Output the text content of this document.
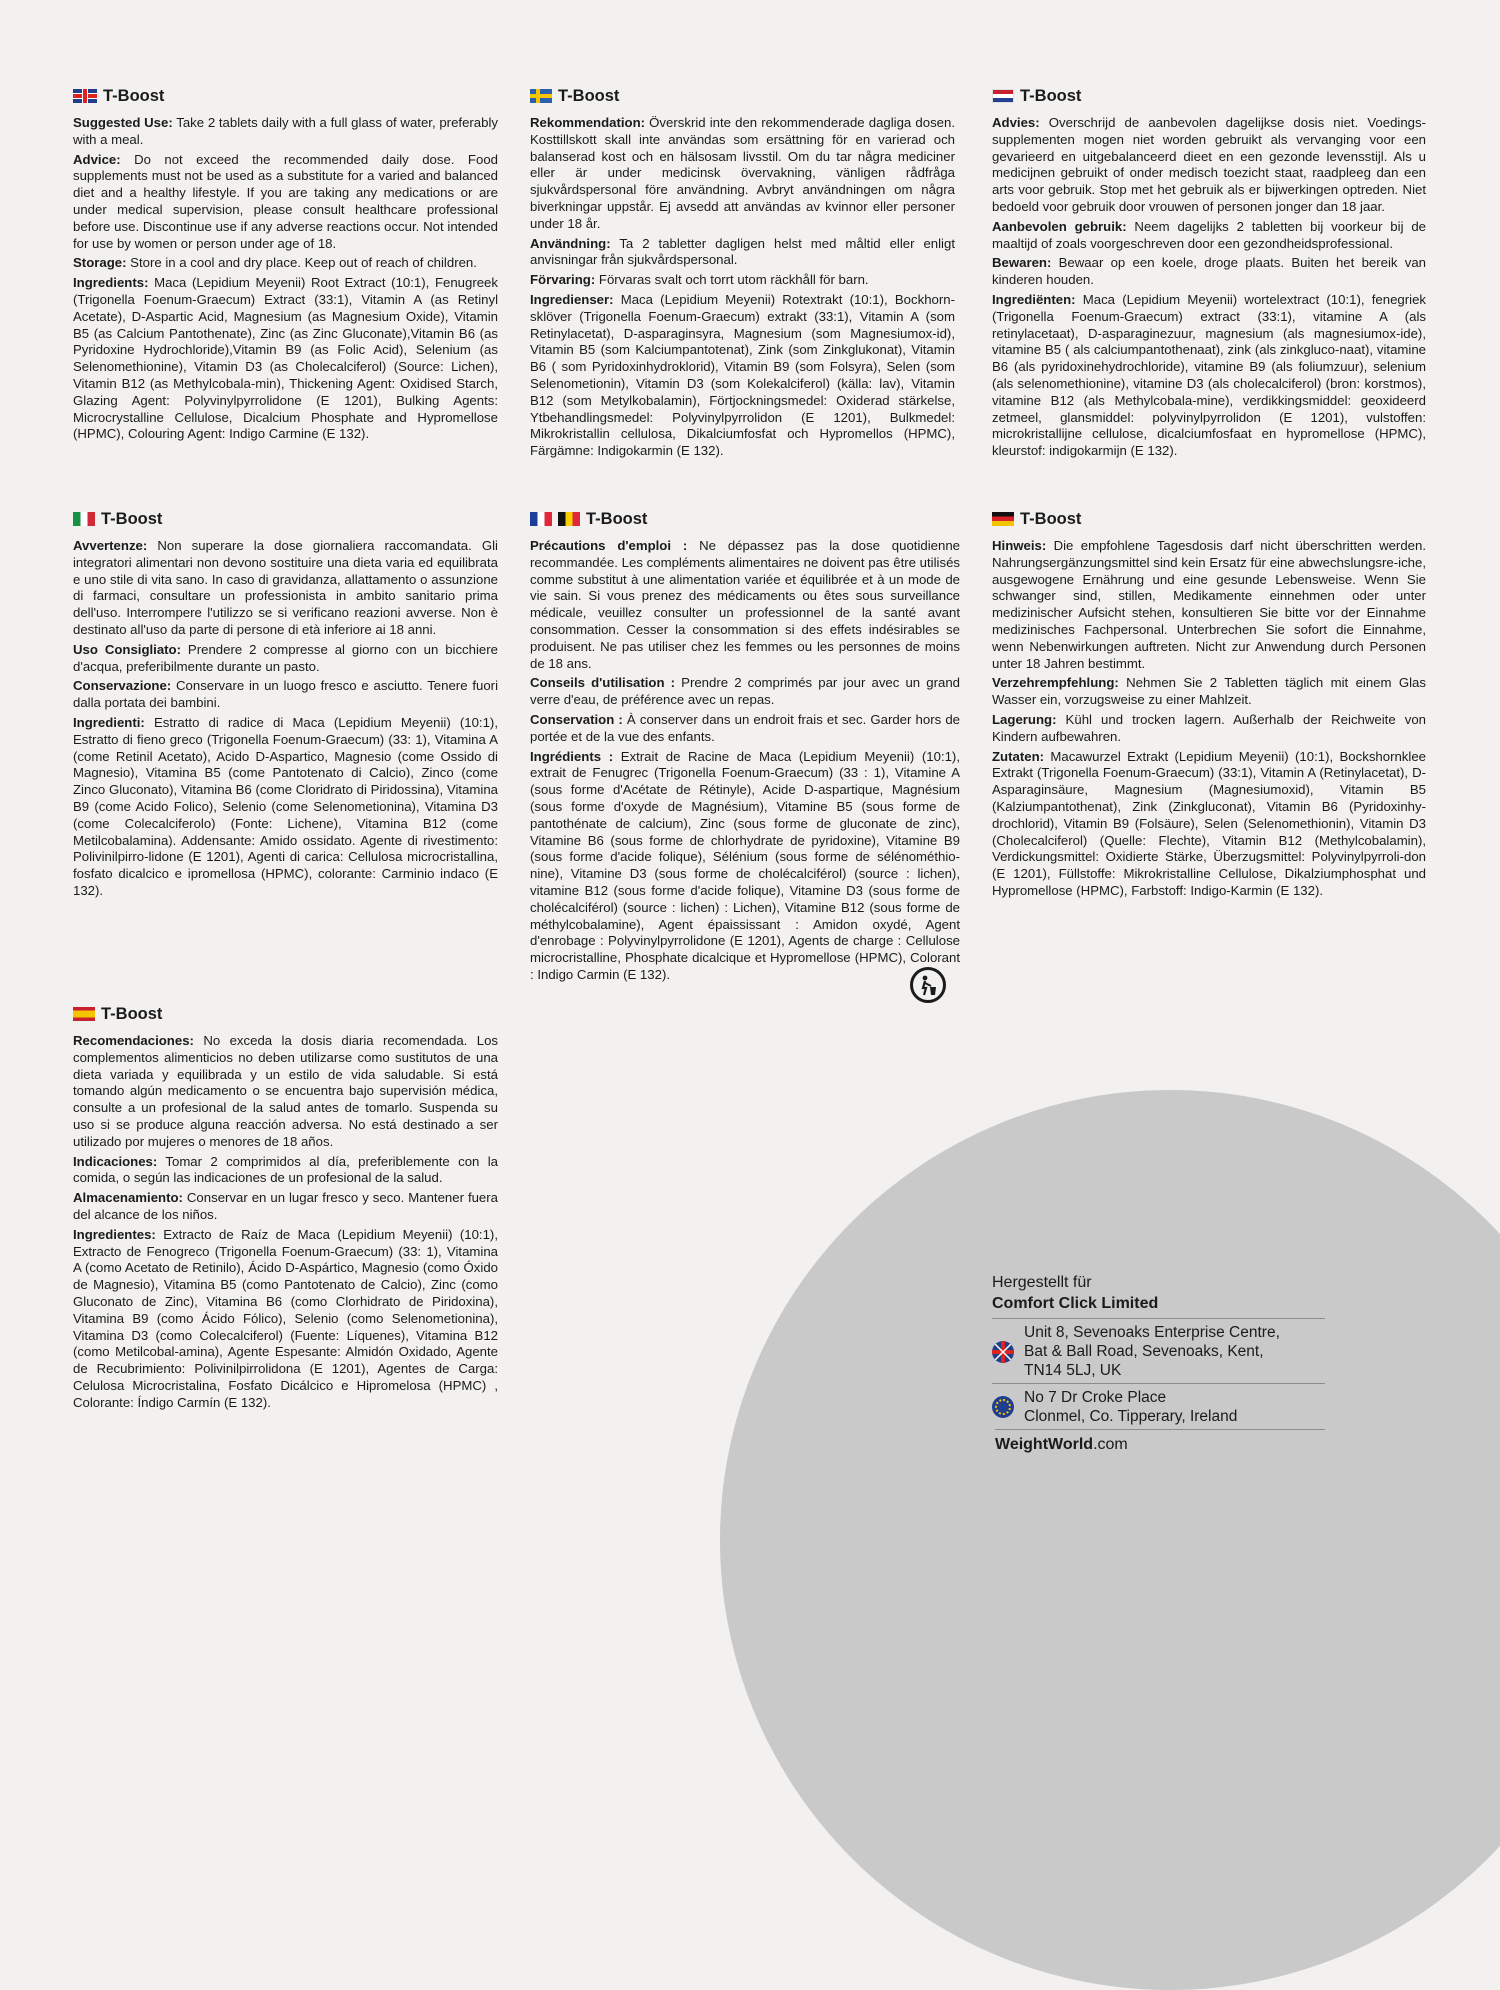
T-Boost

Suggested Use: Take 2 tablets daily with a full glass of water, preferably with a meal.

Advice: Do not exceed the recommended daily dose. Food supplements must not be used as a substitute for a varied and balanced diet and a healthy lifestyle. If you are taking any medications or are under medical supervision, please consult healthcare professional before use. Discontinue use if any adverse reactions occur. Not intended for use by women or person under age of 18.

Storage: Store in a cool and dry place. Keep out of reach of children.

Ingredients: Maca (Lepidium Meyenii) Root Extract (10:1), Fenugreek (Trigonella Foenum-Graecum) Extract (33:1), Vitamin A (as Retinyl Acetate), D-Aspartic Acid, Magnesium (as Magnesium Oxide), Vitamin B5 (as Calcium Pantothenate), Zinc (as Zinc Gluconate),Vitamin B6 (as Pyridoxine Hydrochloride),Vitamin B9 (as Folic Acid), Selenium (as Selenomethionine), Vitamin D3 (as Cholecalciferol) (Source: Lichen), Vitamin B12 (as Methylcobala-min), Thickening Agent: Oxidised Starch, Glazing Agent: Polyvinylpyrrolidone (E 1201), Bulking Agents: Microcrystalline Cellulose, Dicalcium Phosphate and Hypromellose (HPMC), Colouring Agent: Indigo Carmine (E 132).

T-Boost

Rekommendation: Överskrid inte den rekommenderade dagliga dosen. Kosttillskott skall inte användas som ersättning för en varierad och balanserad kost och en hälsosam livsstil. Om du tar några mediciner eller är under medicinsk övervakning, vänligen rådfråga sjukvårdspersonal före användning. Avbryt användningen om några biverkningar uppstår. Ej avsedd att användas av kvinnor eller personer under 18 år.

Användning: Ta 2 tabletter dagligen helst med måltid eller enligt anvisningar från sjukvårdspersonal.

Förvaring: Förvaras svalt och torrt utom räckhåll för barn.

Ingredienser: Maca (Lepidium Meyenii) Rotextrakt (10:1), Bockhorn-sklöver (Trigonella Foenum-Graecum) extrakt (33:1), Vitamin A (som Retinylacetat), D-asparaginsyra, Magnesium (som Magnesiumox-id), Vitamin B5 (som Kalciumpantotenat), Zink (som Zinkglukonat), Vitamin B6 ( som Pyridoxinhydroklorid), Vitamin B9 (som Folsyra), Selen (som Selenometionin), Vitamin D3 (som Kolekalciferol) (källa: lav), Vitamin B12 (som Metylkobalamin), Förtjockningsmedel: Oxiderad stärkelse, Ytbehandlingsmedel: Polyvinylpyrrolidon (E 1201), Bulkmedel: Mikrokristallin cellulosa, Dikalciumfosfat och Hypromellos (HPMC), Färgämne: Indigokarmin (E 132).

T-Boost

Advies: Overschrijd de aanbevolen dagelijkse dosis niet. Voedings-supplementen mogen niet worden gebruikt als vervanging voor een gevarieerd en uitgebalanceerd dieet en een gezonde levensstijl. Als u medicijnen gebruikt of onder medisch toezicht staat, raadpleeg dan een arts voor gebruik. Stop met het gebruik als er bijwerkingen optreden. Niet bedoeld voor gebruik door vrouwen of personen jonger dan 18 jaar.

Aanbevolen gebruik: Neem dagelijks 2 tabletten bij voorkeur bij de maaltijd of zoals voorgeschreven door een gezondheidsprofessional.

Bewaren: Bewaar op een koele, droge plaats. Buiten het bereik van kinderen houden.

Ingrediënten: Maca (Lepidium Meyenii) wortelextract (10:1), fenegriek (Trigonella Foenum-Graecum) extract (33:1), vitamine A (als retinylacetaat), D-asparaginezuur, magnesium (als magnesiumox-ide), vitamine B5 ( als calciumpantothenaat), zink (als zinkgluco-naat), vitamine B6 (als pyridoxinehydrochloride), vitamine B9 (als foliumzuur), selenium (als selenomethionine), vitamine D3 (als cholecalciferol) (bron: korstmos), vitamine B12 (als Methylcobala-mine), verdikkingsmiddel: geoxideerd zetmeel, glansmiddel: polyvinylpyrrolidon (E 1201), vulstoffen: microkristallijne cellulose, dicalciumfosfaat en hypromellose (HPMC), kleurstof: indigokarmijn (E 132).

T-Boost

Avvertenze: Non superare la dose giornaliera raccomandata. Gli integratori alimentari non devono sostituire una dieta varia ed equilibrata e uno stile di vita sano. In caso di gravidanza, allattamento o assunzione di farmaci, consultare un professionista in ambito sanitario prima dell'uso. Interrompere l'utilizzo se si verificano reazioni avverse. Non è destinato all'uso da parte di persone di età inferiore ai 18 anni.

Uso Consigliato: Prendere 2 compresse al giorno con un bicchiere d'acqua, preferibilmente durante un pasto.

Conservazione: Conservare in un luogo fresco e asciutto. Tenere fuori dalla portata dei bambini.

Ingredienti: Estratto di radice di Maca (Lepidium Meyenii) (10:1), Estratto di fieno greco (Trigonella Foenum-Graecum) (33: 1), Vitamina A (come Retinil Acetato), Acido D-Aspartico, Magnesio (come Ossido di Magnesio), Vitamina B5 (come Pantotenato di Calcio), Zinco (come Zinco Gluconato), Vitamina B6 (come Cloridrato di Piridossina), Vitamina B9 (come Acido Folico), Selenio (come Selenometionina), Vitamina D3 (come Colecalciferolo) (Fonte: Lichene), Vitamina B12 (come Metilcobalamina). Addensante: Amido ossidato. Agente di rivestimento: Polivinilpirro-lidone (E 1201), Agenti di carica: Cellulosa microcristallina, fosfato dicalcico e ipromellosa (HPMC), colorante: Carminio indaco (E 132).

T-Boost

Précautions d'emploi : Ne dépassez pas la dose quotidienne recommandée. Les compléments alimentaires ne doivent pas être utilisés comme substitut à une alimentation variée et équilibrée et à un mode de vie sain. Si vous prenez des médicaments ou êtes sous surveillance médicale, veuillez consulter un professionnel de la santé avant consommation. Cesser la consommation si des effets indésirables se produisent. Ne pas utiliser chez les femmes ou les personnes de moins de 18 ans.

Conseils d'utilisation : Prendre 2 comprimés par jour avec un grand verre d'eau, de préférence avec un repas.

Conservation : À conserver dans un endroit frais et sec. Garder hors de portée et de la vue des enfants.

Ingrédients : Extrait de Racine de Maca (Lepidium Meyenii) (10:1), extrait de Fenugrec (Trigonella Foenum-Graecum) (33 : 1), Vitamine A (sous forme d'Acétate de Rétinyle), Acide D-aspartique, Magnésium (sous forme d'oxyde de Magnésium), Vitamine B5 (sous forme de pantothénate de calcium), Zinc (sous forme de gluconate de zinc), Vitamine B6 (sous forme de chlorhydrate de pyridoxine), Vitamine B9 (sous forme d'acide folique), Sélénium (sous forme de sélénométhio-nine), Vitamine D3 (sous forme de cholécalciférol) (source : lichen), vitamine B12 (sous forme d'acide folique), Vitamine D3 (sous forme de cholécalciférol) (source : lichen) : Lichen), Vitamine B12 (sous forme de méthylcobalamine), Agent épaississant : Amidon oxydé, Agent d'enrobage : Polyvinylpyrrolidone (E 1201), Agents de charge : Cellulose microcristalline, Phosphate dicalcique et Hypromellose (HPMC), Colorant : Indigo Carmin (E 132).

T-Boost

Hinweis: Die empfohlene Tagesdosis darf nicht überschritten werden. Nahrungsergänzungsmittel sind kein Ersatz für eine abwechslungsre-iche, ausgewogene Ernährung und eine gesunde Lebensweise. Wenn Sie schwanger sind, stillen, Medikamente einnehmen oder unter medizinischer Aufsicht stehen, konsultieren Sie bitte vor der Einnahme medizinisches Fachpersonal. Unterbrechen Sie sofort die Einnahme, wenn Nebenwirkungen auftreten. Nicht zur Anwendung durch Personen unter 18 Jahren bestimmt.

Verzehrempfehlung: Nehmen Sie 2 Tabletten täglich mit einem Glas Wasser ein, vorzugsweise zu einer Mahlzeit.

Lagerung: Kühl und trocken lagern. Außerhalb der Reichweite von Kindern aufbewahren.

Zutaten: Macawurzel Extrakt (Lepidium Meyenii) (10:1), Bockshornklee Extrakt (Trigonella Foenum-Graecum) (33:1), Vitamin A (Retinylacetat), D-Asparaginsäure, Magnesium (Magnesiumoxid), Vitamin B5 (Kalziumpantothenat), Zink (Zinkgluconat), Vitamin B6 (Pyridoxinhy-drochlorid), Vitamin B9 (Folsäure), Selen (Selenomethionin), Vitamin D3 (Cholecalciferol) (Quelle: Flechte), Vitamin B12 (Methylcobalamin), Verdickungsmittel: Oxidierte Stärke, Überzugsmittel: Polyvinylpyrroli-don (E 1201), Füllstoffe: Mikrokristalline Cellulose, Dikalziumphosphat und Hypromellose (HPMC), Farbstoff: Indigo-Karmin (E 132).

T-Boost

Recomendaciones: No exceda la dosis diaria recomendada. Los complementos alimenticios no deben utilizarse como sustitutos de una dieta variada y equilibrada y un estilo de vida saludable. Si está tomando algún medicamento o se encuentra bajo supervisión médica, consulte a un profesional de la salud antes de tomarlo. Suspenda su uso si se produce alguna reacción adversa. No está destinado a ser utilizado por mujeres o menores de 18 años.

Indicaciones: Tomar 2 comprimidos al día, preferiblemente con la comida, o según las indicaciones de un profesional de la salud.

Almacenamiento: Conservar en un lugar fresco y seco. Mantener fuera del alcance de los niños.

Ingredientes: Extracto de Raíz de Maca (Lepidium Meyenii) (10:1), Extracto de Fenogreco (Trigonella Foenum-Graecum) (33: 1), Vitamina A (como Acetato de Retinilo), Ácido D-Aspártico, Magnesio (como Óxido de Magnesio), Vitamina B5 (como Pantotenato de Calcio), Zinc (como Gluconato de Zinc), Vitamina B6 (como Clorhidrato de Piridoxina), Vitamina B9 (como Ácido Fólico), Selenio (como Selenometionina), Vitamina D3 (como Colecalciferol) (Fuente: Líquenes), Vitamina B12 (como Metilcobal-amina), Agente Espesante: Almidón Oxidado, Agente de Recubrimiento: Polivinilpirrolidona (E 1201), Agentes de Carga: Celulosa Microcristalina, Fosfato Dicálcico e Hipromelosa (HPMC) , Colorante: Índigo Carmín (E 132).

Hergestellt für
Comfort Click Limited
Unit 8, Sevenoaks Enterprise Centre,
Bat & Ball Road, Sevenoaks, Kent,
TN14 5LJ, UK
No 7 Dr Croke Place
Clonmel, Co. Tipperary, Ireland
WeightWorld.com
